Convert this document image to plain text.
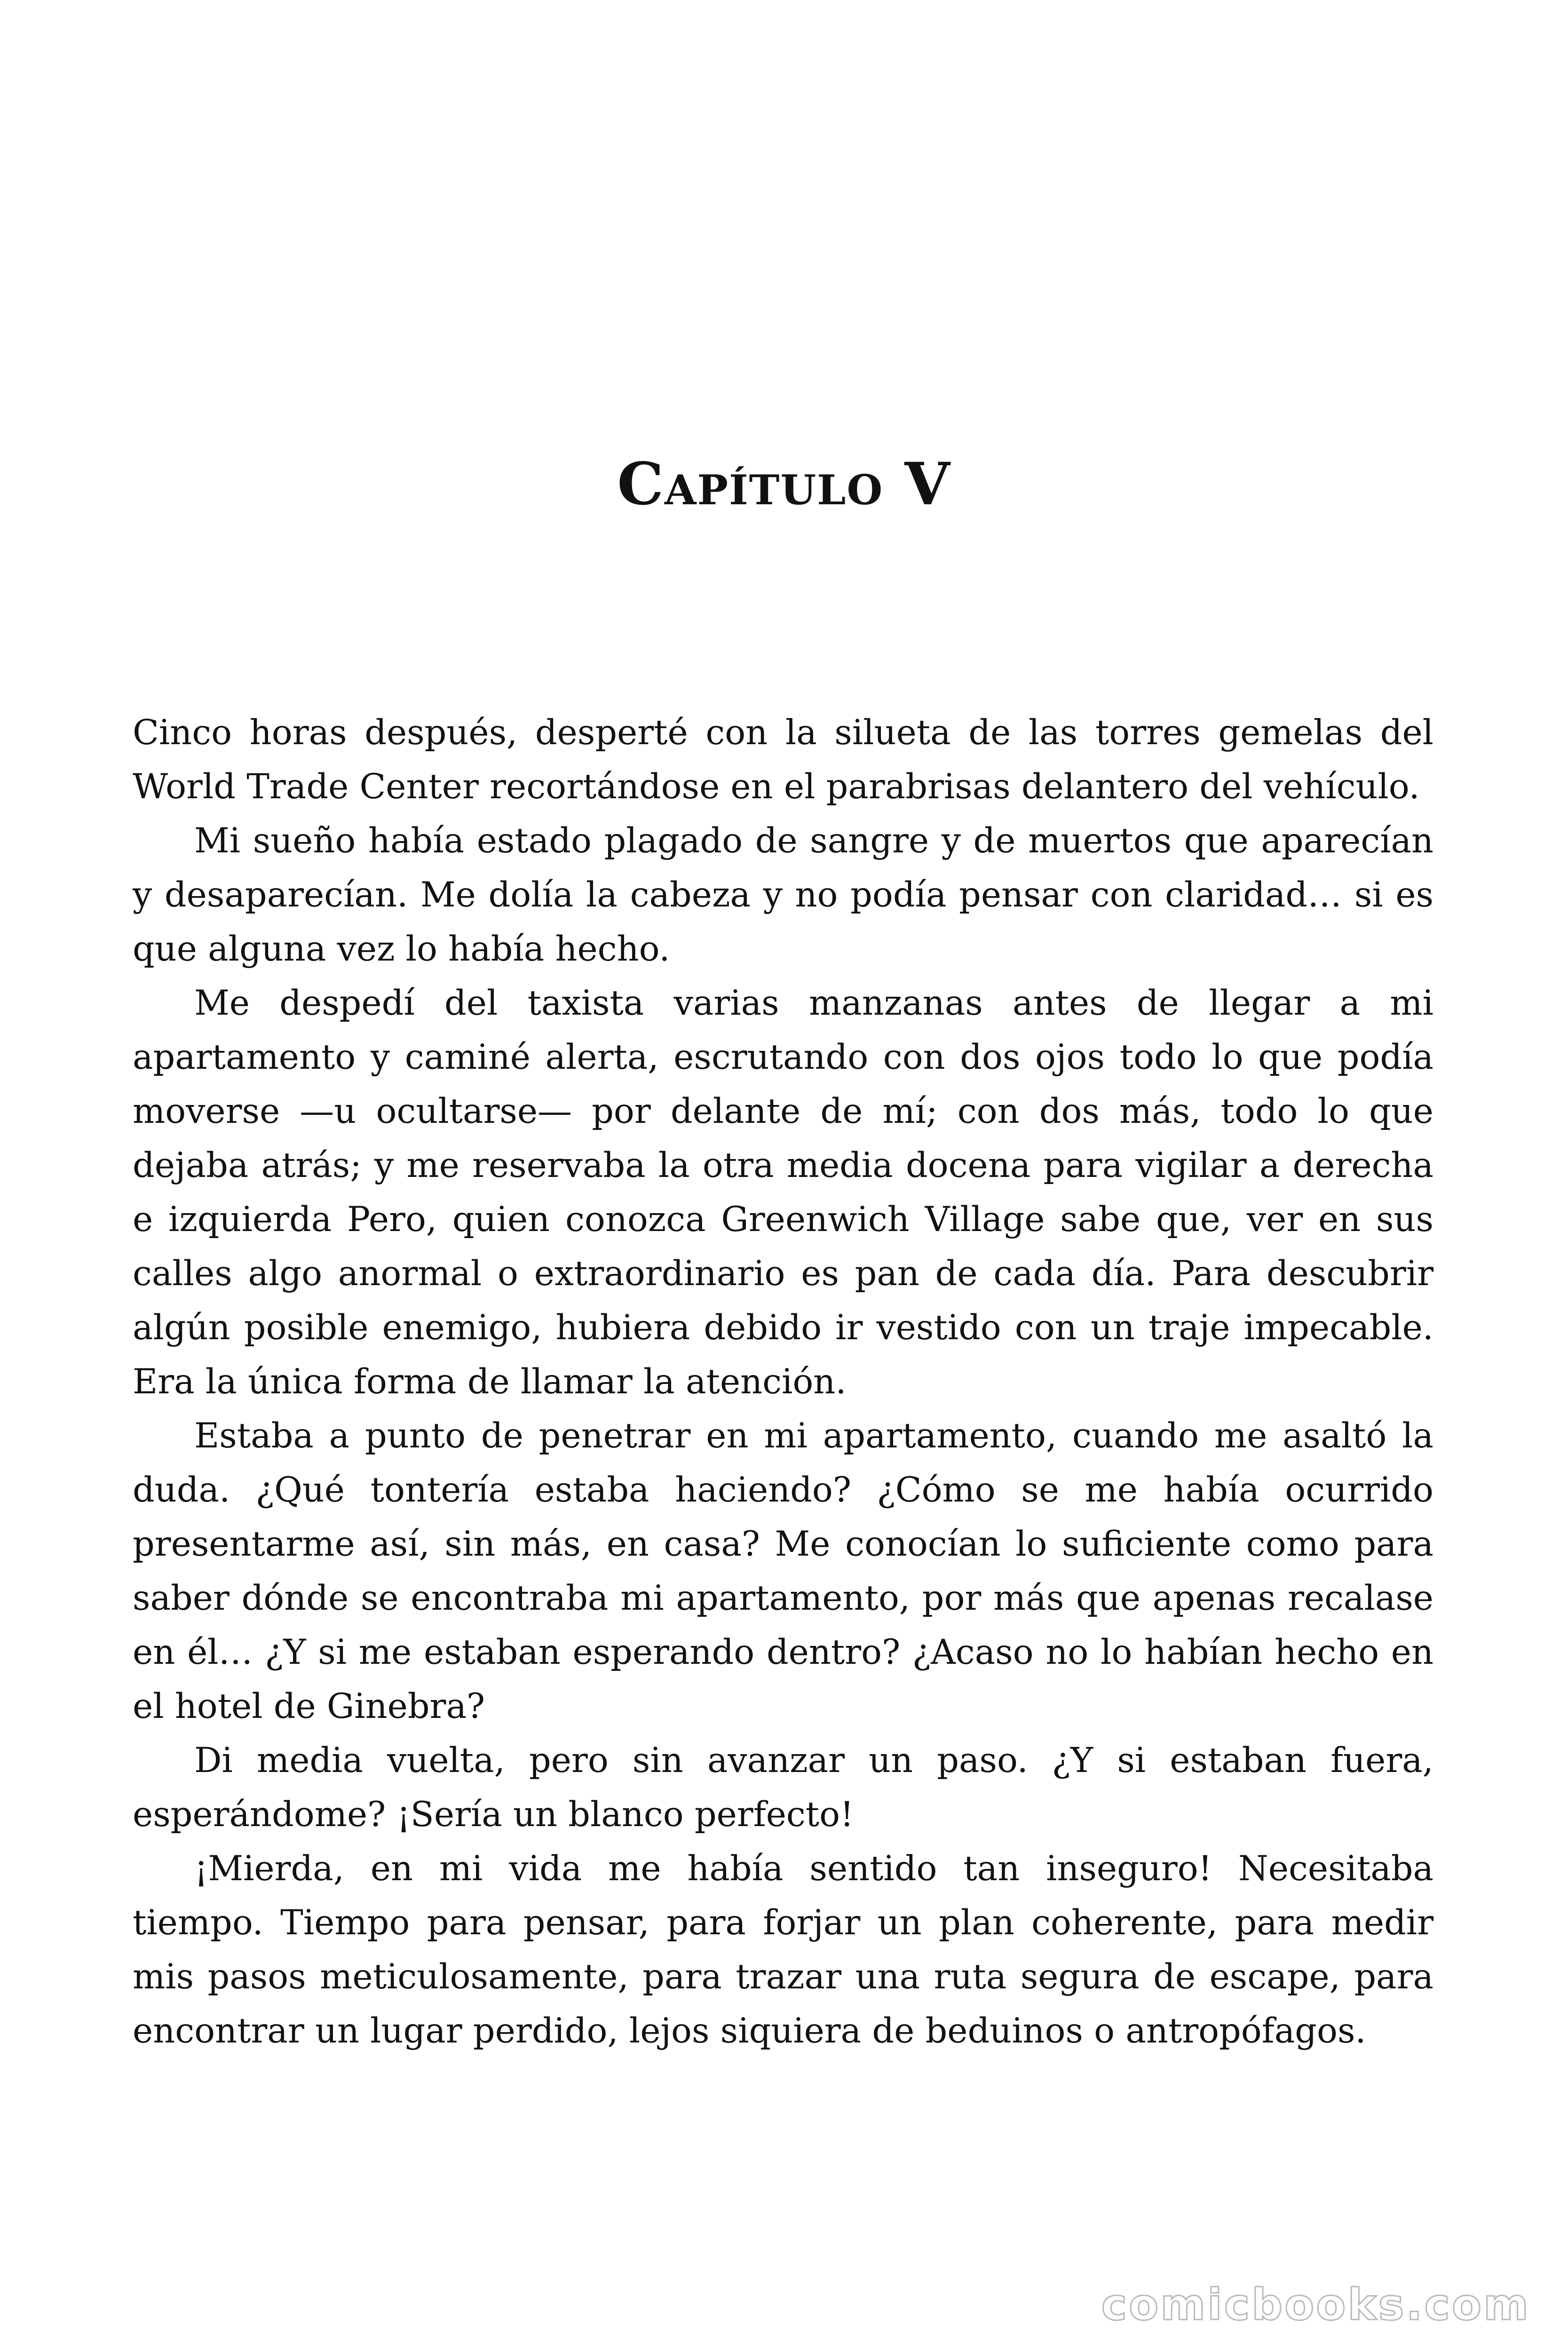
Capítulo V

Cinco horas después, desperté con la silueta de las torres gemelas del World Trade Center recortándose en el parabrisas delantero del vehículo.

Mi sueño había estado plagado de sangre y de muertos que aparecían y desaparecían. Me dolía la cabeza y no podía pensar con claridad… si es que alguna vez lo había hecho.

Me despedí del taxista varias manzanas antes de llegar a mi apartamento y caminé alerta, escrutando con dos ojos todo lo que podía moverse —u ocultarse— por delante de mí; con dos más, todo lo que dejaba atrás; y me reservaba la otra media docena para vigilar a derecha e izquierda Pero, quien conozca Greenwich Village sabe que, ver en sus calles algo anormal o extraordinario es pan de cada día. Para descubrir algún posible enemigo, hubiera debido ir vestido con un traje impecable. Era la única forma de llamar la atención.

Estaba a punto de penetrar en mi apartamento, cuando me asaltó la duda. ¿Qué tontería estaba haciendo? ¿Cómo se me había ocurrido presentarme así, sin más, en casa? Me conocían lo suficiente como para saber dónde se encontraba mi apartamento, por más que apenas recalase en él… ¿Y si me estaban esperando dentro? ¿Acaso no lo habían hecho en el hotel de Ginebra?

Di media vuelta, pero sin avanzar un paso. ¿Y si estaban fuera, esperándome? ¡Sería un blanco perfecto!

¡Mierda, en mi vida me había sentido tan inseguro! Necesitaba tiempo. Tiempo para pensar, para forjar un plan coherente, para medir mis pasos meticulosamente, para trazar una ruta segura de escape, para encontrar un lugar perdido, lejos siquiera de beduinos o antropófagos.

comicbooks.com
